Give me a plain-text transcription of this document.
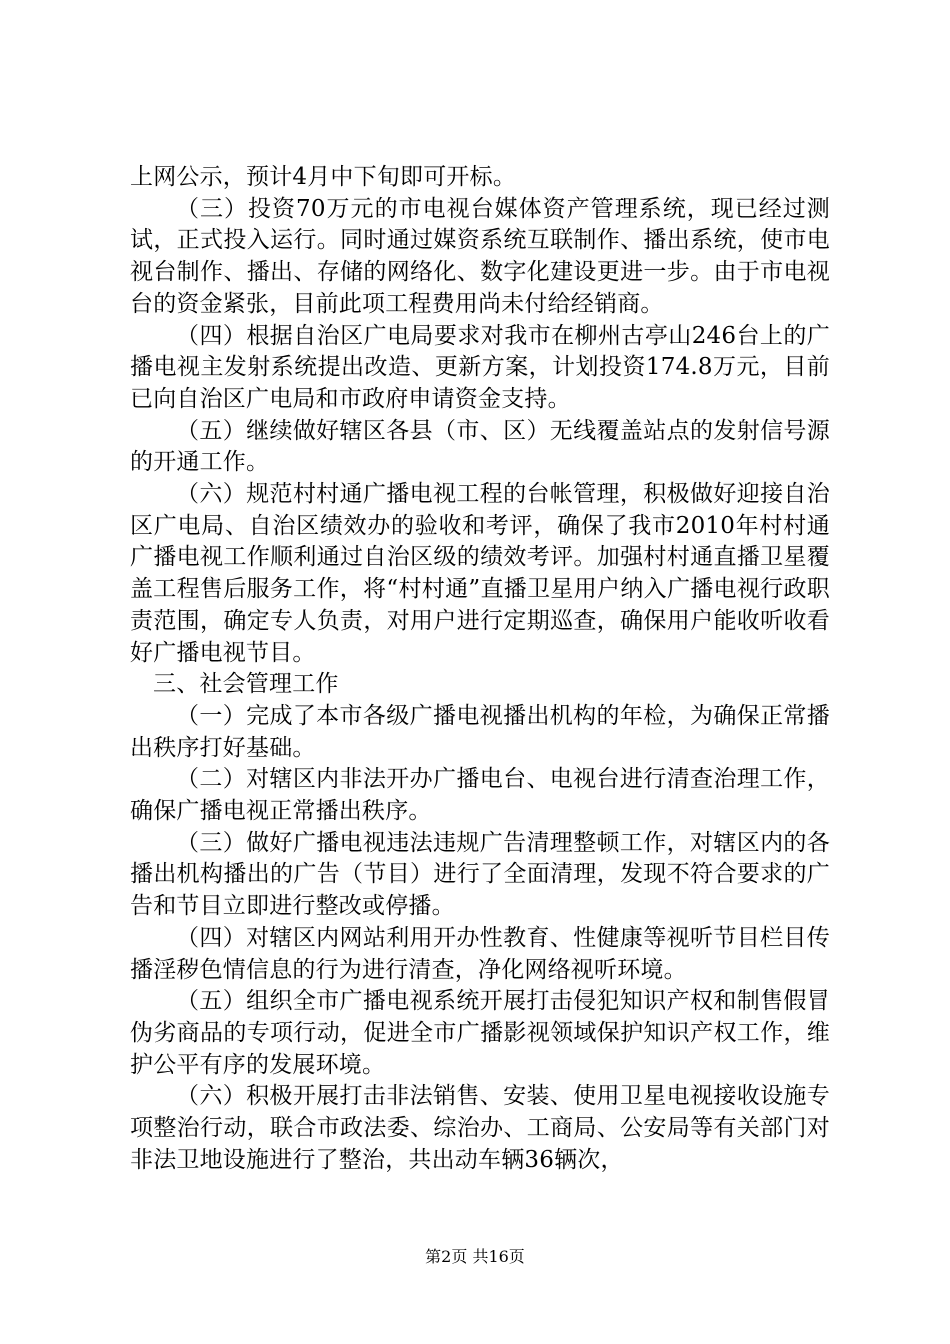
上网公示，预计4月中下旬即可开标。

（三）投资70万元的市电视台媒体资产管理系统，现已经过测试，正式投入运行。同时通过媒资系统互联制作、播出系统，使市电视台制作、播出、存储的网络化、数字化建设更进一步。由于市电视台的资金紧张，目前此项工程费用尚未付给经销商。

（四）根据自治区广电局要求对我市在柳州古亭山246台上的广播电视主发射系统提出改造、更新方案，计划投资174.8万元，目前已向自治区广电局和市政府申请资金支持。

（五）继续做好辖区各县（市、区）无线覆盖站点的发射信号源的开通工作。

（六）规范村村通广播电视工程的台帐管理，积极做好迎接自治区广电局、自治区绩效办的验收和考评，确保了我市2010年村村通广播电视工作顺利通过自治区级的绩效考评。加强村村通直播卫星覆盖工程售后服务工作，将“村村通”直播卫星用户纳入广播电视行政职责范围，确定专人负责，对用户进行定期巡查，确保用户能收听收看好广播电视节目。

三、社会管理工作

（一）完成了本市各级广播电视播出机构的年检，为确保正常播出秩序打好基础。

（二）对辖区内非法开办广播电台、电视台进行清查治理工作，确保广播电视正常播出秩序。

（三）做好广播电视违法违规广告清理整顿工作，对辖区内的各播出机构播出的广告（节目）进行了全面清理，发现不符合要求的广告和节目立即进行整改或停播。

（四）对辖区内网站利用开办性教育、性健康等视听节目栏目传播淫秽色情信息的行为进行清查，净化网络视听环境。

（五）组织全市广播电视系统开展打击侵犯知识产权和制售假冒伪劣商品的专项行动，促进全市广播影视领域保护知识产权工作，维护公平有序的发展环境。

（六）积极开展打击非法销售、安装、使用卫星电视接收设施专项整治行动，联合市政法委、综治办、工商局、公安局等有关部门对非法卫地设施进行了整治，共出动车辆36辆次，

第2页 共16页
